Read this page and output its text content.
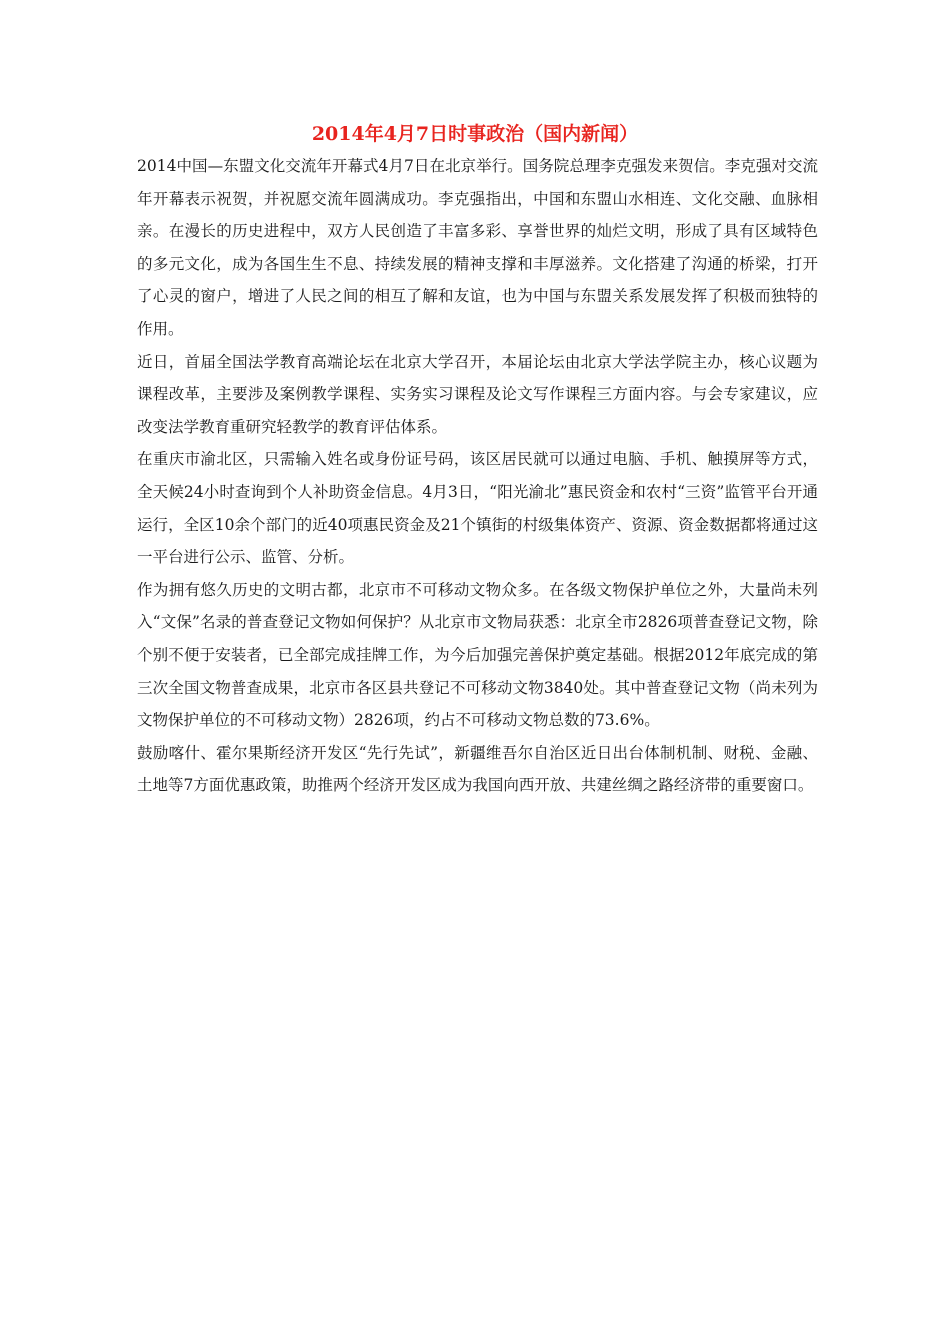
2014年4月7日时事政治（国内新闻）

2014中国—东盟文化交流年开幕式4月7日在北京举行。国务院总理李克强发来贺信。李克强对交流年开幕表示祝贺，并祝愿交流年圆满成功。李克强指出，中国和东盟山水相连、文化交融、血脉相亲。在漫长的历史进程中，双方人民创造了丰富多彩、享誉世界的灿烂文明，形成了具有区域特色的多元文化，成为各国生生不息、持续发展的精神支撑和丰厚滋养。文化搭建了沟通的桥梁，打开了心灵的窗户，增进了人民之间的相互了解和友谊，也为中国与东盟关系发展发挥了积极而独特的作用。

近日，首届全国法学教育高端论坛在北京大学召开，本届论坛由北京大学法学院主办，核心议题为课程改革，主要涉及案例教学课程、实务实习课程及论文写作课程三方面内容。与会专家建议，应改变法学教育重研究轻教学的教育评估体系。

在重庆市渝北区，只需输入姓名或身份证号码，该区居民就可以通过电脑、手机、触摸屏等方式，全天候24小时查询到个人补助资金信息。4月3日，“阳光渝北”惠民资金和农村“三资”监管平台开通运行，全区10余个部门的近40项惠民资金及21个镇街的村级集体资产、资源、资金数据都将通过这一平台进行公示、监管、分析。

作为拥有悠久历史的文明古都，北京市不可移动文物众多。在各级文物保护单位之外，大量尚未列入“文保”名录的普查登记文物如何保护？从北京市文物局获悉：北京全市2826项普查登记文物，除个别不便于安装者，已全部完成挂牌工作，为今后加强完善保护奠定基础。根据2012年底完成的第三次全国文物普查成果，北京市各区县共登记不可移动文物3840处。其中普查登记文物（尚未列为文物保护单位的不可移动文物）2826项，约占不可移动文物总数的73.6%。

鼓励喀什、霍尔果斯经济开发区“先行先试”，新疆维吾尔自治区近日出台体制机制、财税、金融、土地等7方面优惠政策，助推两个经济开发区成为我国向西开放、共建丝绸之路经济带的重要窗口。
